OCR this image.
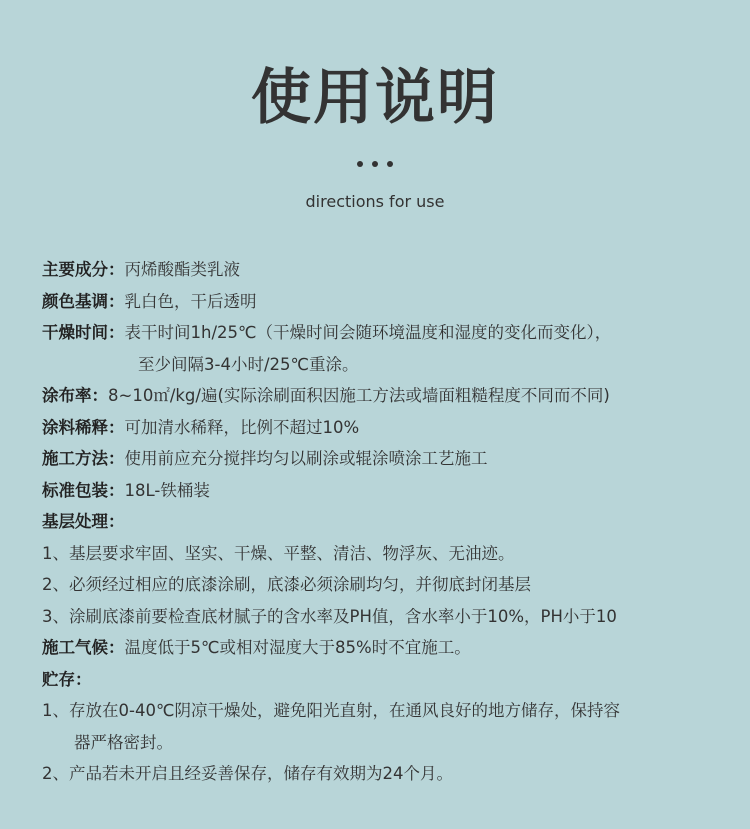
使用说明
directions for use
主要成分：丙烯酸酯类乳液
颜色基调：乳白色，干后透明
干燥时间：表干时间1h/25℃（干燥时间会随环境温度和湿度的变化而变化），
至少间隔3-4小时/25℃重涂。
涂布率：8~10㎡/kg/遍(实际涂刷面积因施工方法或墙面粗糙程度不同而不同)
涂料稀释：可加清水稀释，比例不超过10%
施工方法：使用前应充分搅拌均匀以刷涂或辊涂喷涂工艺施工
标准包装：18L-铁桶装
基层处理：
1、基层要求牢固、坚实、干燥、平整、清洁、物浮灰、无油迹。
2、必须经过相应的底漆涂刷，底漆必须涂刷均匀，并彻底封闭基层
3、涂刷底漆前要检查底材腻子的含水率及PH值，含水率小于10%，PH小于10
施工气候：温度低于5℃或相对湿度大于85%时不宜施工。
贮存：
1、存放在0-40℃阴凉干燥处，避免阳光直射，在通风良好的地方储存，保持容
器严格密封。
2、产品若未开启且经妥善保存，储存有效期为24个月。
